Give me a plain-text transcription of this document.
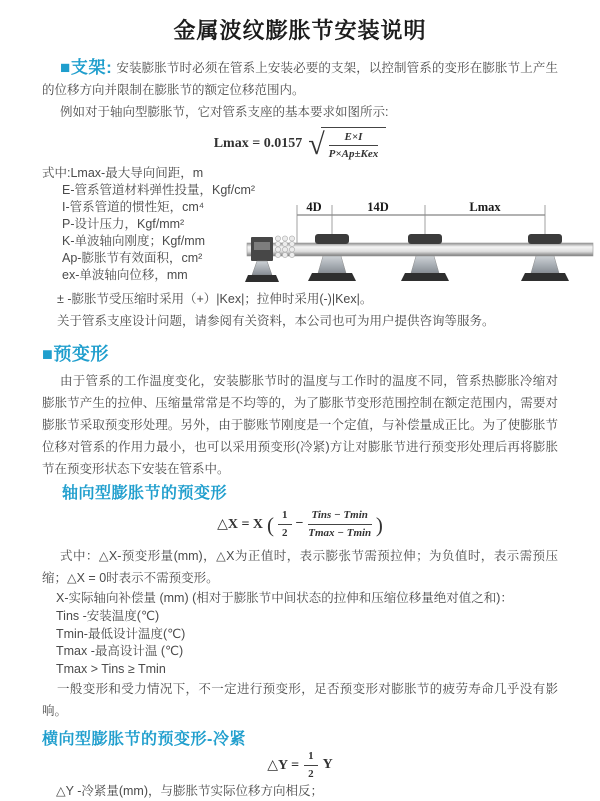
金属波纹膨胀节安装说明
■支架: 安装膨胀节时必须在管系上安装必要的支架，以控制管系的变形在膨胀节上产生的位移方向并限制在膨胀节的额定位移范围内。
例如对于轴向型膨胀节，它对管系支座的基本要求如图所示:
Lmax = 0.0157 √ $\frac{E\times I}{\text{P×Ap±Kex}}$
式中:Lmax-最大导向间距，m
E-管系管道材料弹性投量，Kgf/cm²
I-管系管道的惯性矩，cm⁴
P-设计压力，Kgf/mm²
K-单波轴向刚度；Kgf/mm
Ap-膨胀节有效面积，cm²
ex-单波轴向位移，mm
4D	14D	Lmax
± -膨胀节受压缩时采用（+）|Kex|；拉伸时采用(-)|Kex|。
关于管系支座设计问题，请参阅有关资料，本公司也可为用户提供咨询等服务。
■预变形
由于管系的工作温度变化，安装膨胀节时的温度与工作时的温度不同，管系热膨胀冷缩对膨胀节产生的拉伸、压缩量常常是不均等的，为了膨胀节变形范围控制在额定范围内，需要对膨胀节采取预变形处理。另外，由于膨账节刚度是一个定值，与补偿量成正比。为了使膨胀节位移对管系的作用力最小，也可以采用预变形(冷紧)方让对膨胀节进行预变形处理后再将膨胀节在预变形状态下安装在管系中。
轴向型膨胀节的预变形
△X = X ( $\frac{1}{2} - \frac{\text{Tins − Tmin}}{Tmax - Tmin}$ )
式中：△X-预变形量(mm)，△X为正值时，表示膨张节需预拉伸；为负值时，表示需预压缩；△X = 0时表示不需预变形。
X-实际轴向补偿量 (mm) (相对于膨胀节中间状态的拉伸和压缩位移量绝对值之和)：
Tins -安装温度(℃)
Tmin-最低设计温度(℃)
Tmax -最高设计温 (℃)
Tmax > Tins ≥ Tmin
一般变形和受力情况下，不一定进行预变形，足否预变形对膨胀节的疲劳寿命几乎没有影响。
横向型膨胀节的预变形-冷紧
△Y = $\frac{1}{2}$ Y
△Y -冷紧量(mm)，与膨胀节实际位移方向相反；
